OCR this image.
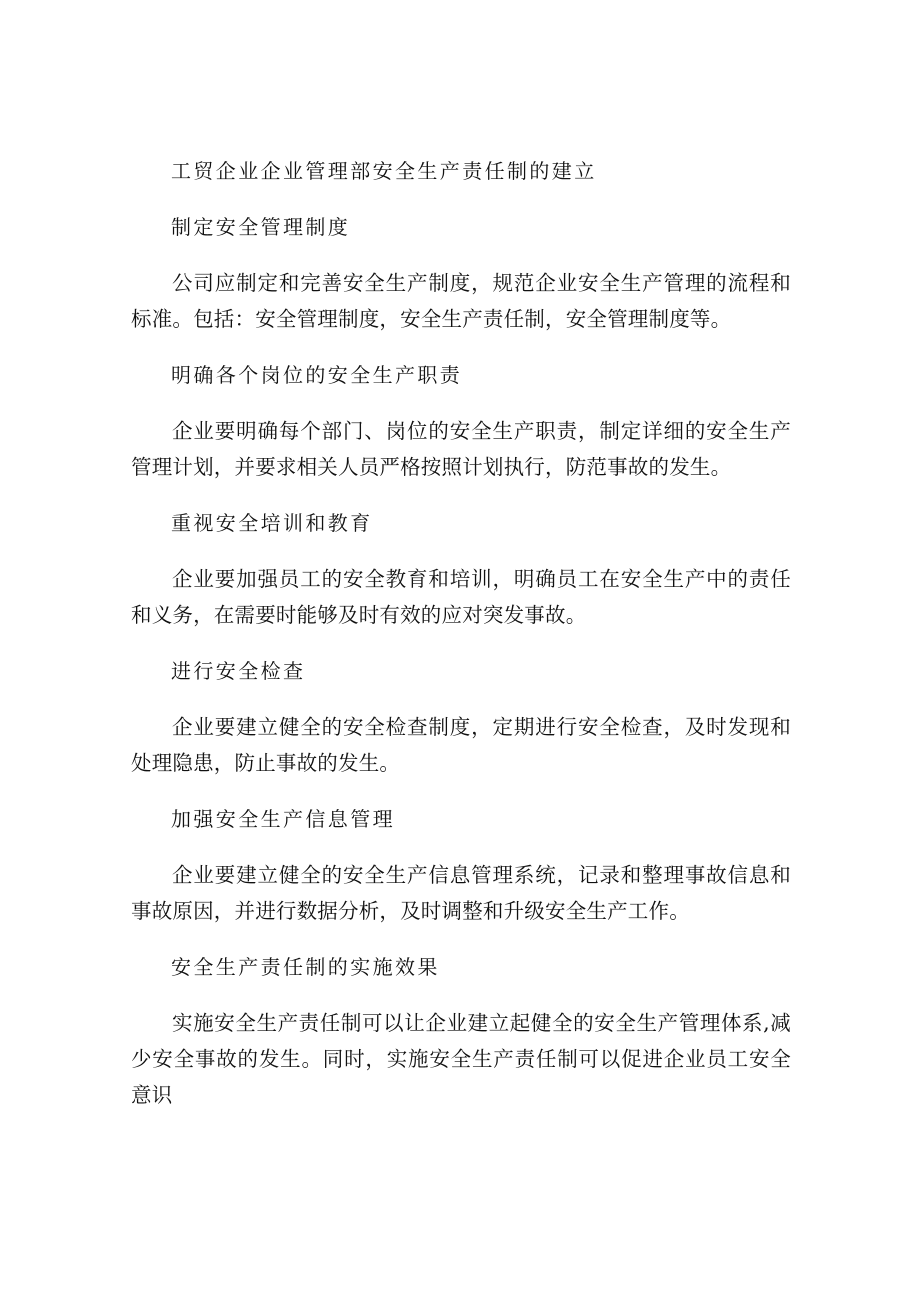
工贸企业企业管理部安全生产责任制的建立

制定安全管理制度

公司应制定和完善安全生产制度，规范企业安全生产管理的流程和标准。包括：安全管理制度，安全生产责任制，安全管理制度等。

明确各个岗位的安全生产职责

企业要明确每个部门、岗位的安全生产职责，制定详细的安全生产管理计划，并要求相关人员严格按照计划执行，防范事故的发生。

重视安全培训和教育

企业要加强员工的安全教育和培训，明确员工在安全生产中的责任和义务，在需要时能够及时有效的应对突发事故。

进行安全检查

企业要建立健全的安全检查制度，定期进行安全检查，及时发现和处理隐患，防止事故的发生。

加强安全生产信息管理

企业要建立健全的安全生产信息管理系统，记录和整理事故信息和事故原因，并进行数据分析，及时调整和升级安全生产工作。

安全生产责任制的实施效果

实施安全生产责任制可以让企业建立起健全的安全生产管理体系,减少安全事故的发生。同时，实施安全生产责任制可以促进企业员工安全意识
